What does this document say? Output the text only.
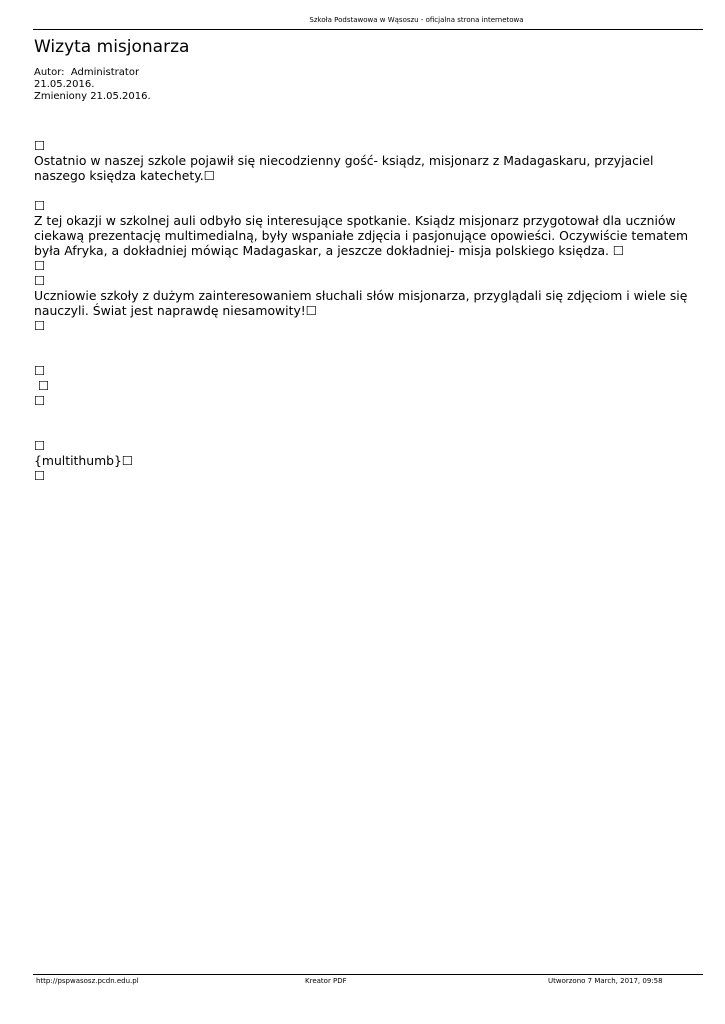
Szkoła Podstawowa w Wąsoszu - oficjalna strona internetowa
Wizyta misjonarza
Autor:  Administrator
21.05.2016.
Zmieniony 21.05.2016.
☐
Ostatnio w naszej szkole pojawił się niecodzienny gość- ksiądz, misjonarz z Madagaskaru, przyjaciel
naszego księdza katechety.☐
☐
Z tej okazji w szkolnej auli odbyło się interesujące spotkanie. Ksiądz misjonarz przygotował dla uczniów
ciekawą prezentację multimedialną, były wspaniałe zdjęcia i pasjonujące opowieści. Oczywiście tematem
była Afryka, a dokładniej mówiąc Madagaskar, a jeszcze dokładniej- misja polskiego księdza. ☐
☐
☐
Uczniowie szkoły z dużym zainteresowaniem słuchali słów misjonarza, przyglądali się zdjęciom i wiele się
nauczyli. Świat jest naprawdę niesamowity!☐
☐
☐
☐
☐
☐
{multithumb}☐
☐
http://pspwasosz.pcdn.edu.pl	Kreator PDF	Utworzono 7 March, 2017, 09:58
